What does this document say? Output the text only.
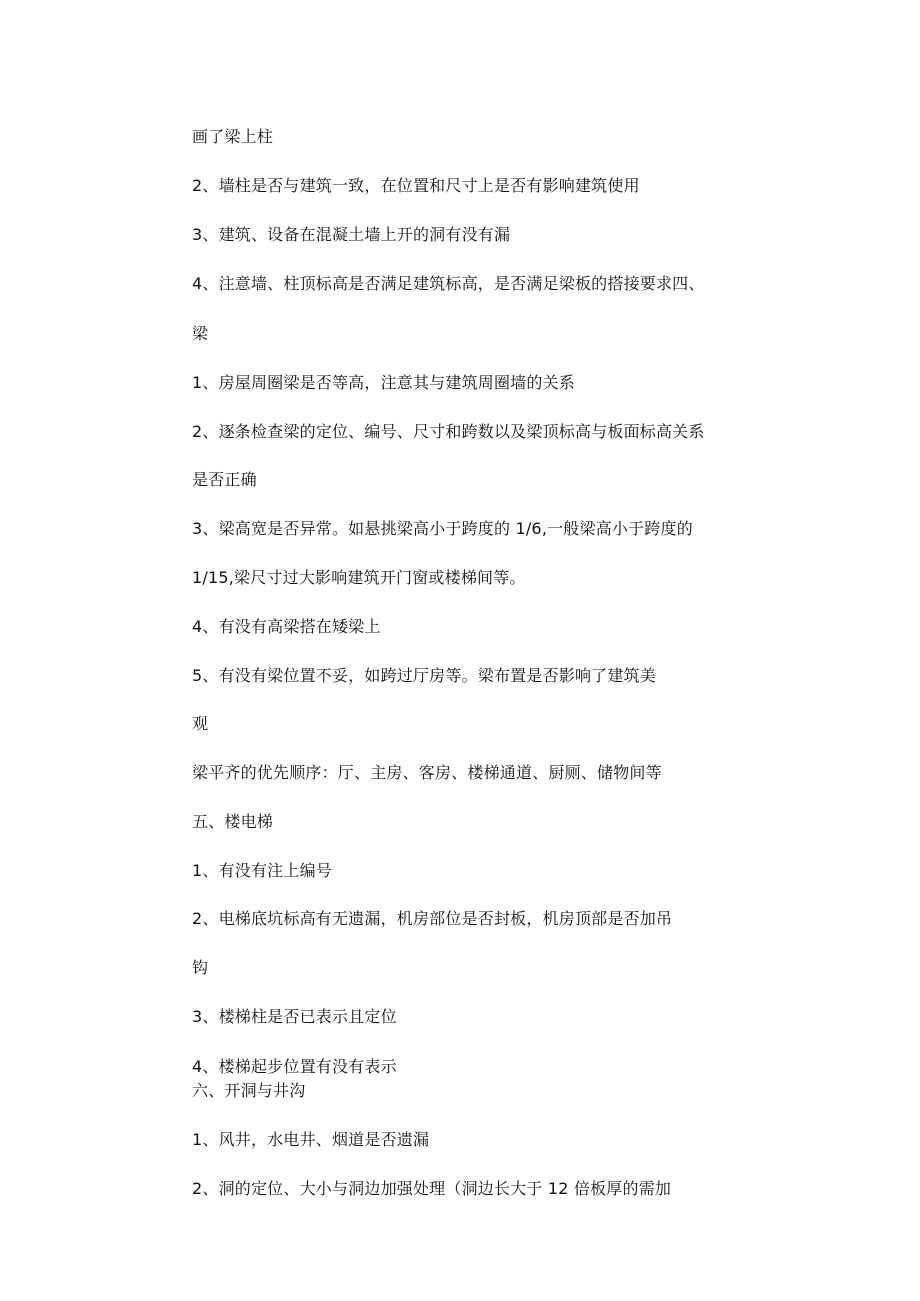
画了梁上柱
2、墙柱是否与建筑一致，在位置和尺寸上是否有影响建筑使用
3、建筑、设备在混凝土墙上开的洞有没有漏
4、注意墙、柱顶标高是否满足建筑标高，是否满足梁板的搭接要求四、
梁
1、房屋周圈梁是否等高，注意其与建筑周圈墙的关系
2、逐条检查梁的定位、编号、尺寸和跨数以及梁顶标高与板面标高关系
是否正确
3、梁高宽是否异常。如悬挑梁高小于跨度的 1/6,一般梁高小于跨度的
1/15,梁尺寸过大影响建筑开门窗或楼梯间等。
4、有没有高梁搭在矮梁上
5、有没有梁位置不妥，如跨过厅房等。梁布置是否影响了建筑美
观
梁平齐的优先顺序：厅、主房、客房、楼梯通道、厨厕、储物间等
五、楼电梯
1、有没有注上编号
2、电梯底坑标高有无遗漏，机房部位是否封板，机房顶部是否加吊
钩
3、楼梯柱是否已表示且定位
4、楼梯起步位置有没有表示
六、开洞与井沟
1、风井，水电井、烟道是否遗漏
2、洞的定位、大小与洞边加强处理（洞边长大于 12 倍板厚的需加
